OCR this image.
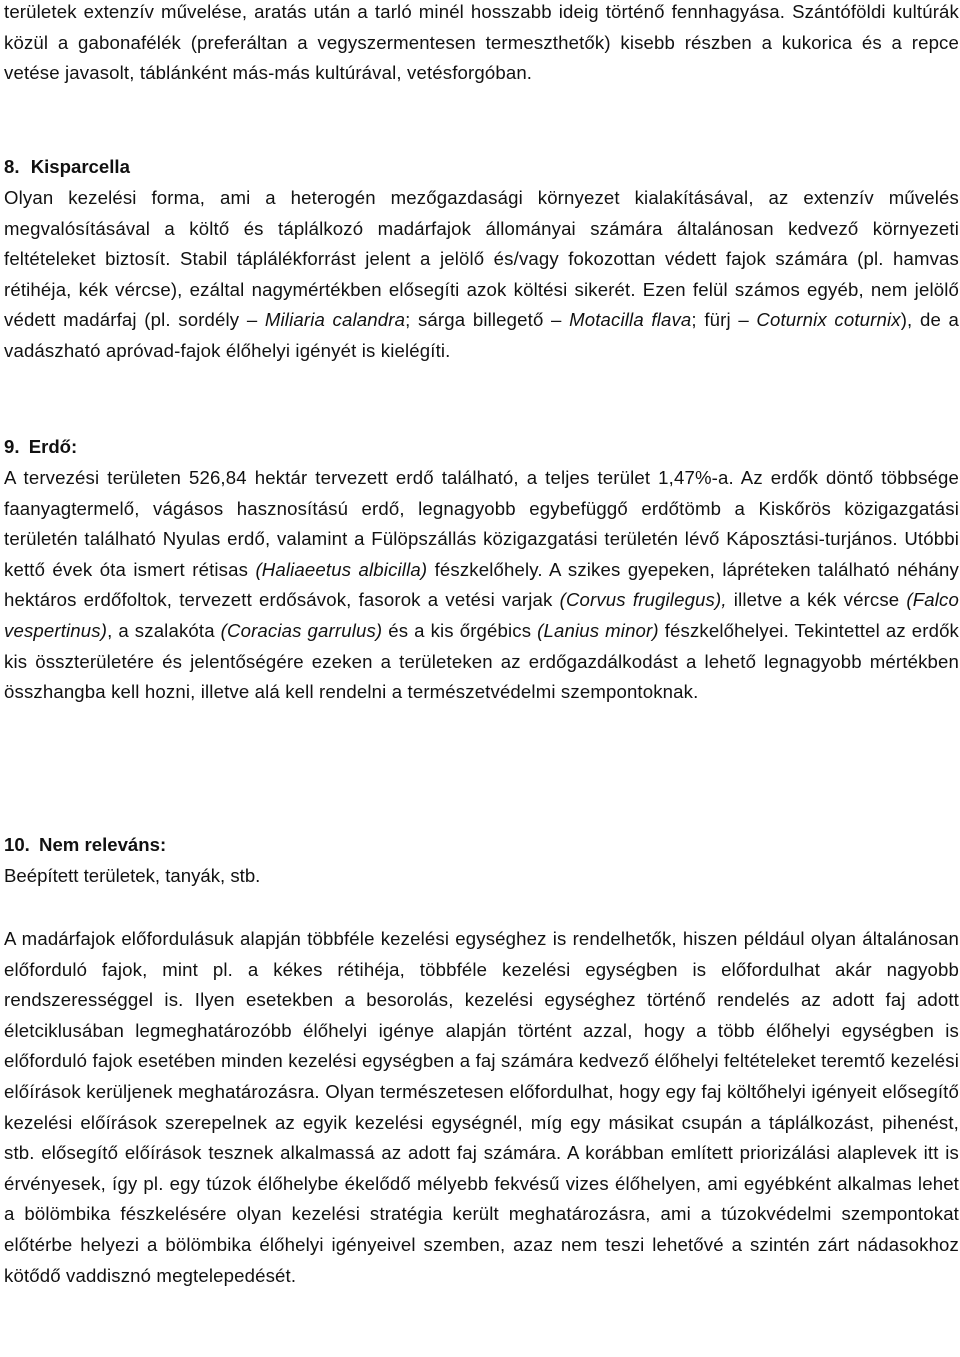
területek extenzív művelése, aratás után a tarló minél hosszabb ideig történő fennhagyása. Szántóföldi kultúrák közül a gabonafélék (preferáltan a vegyszermentesen termeszthetők) kisebb részben a kukorica és a repce vetése javasolt, táblánként más-más kultúrával, vetésforgóban.

8. Kisparcella

Olyan kezelési forma, ami a heterogén mezőgazdasági környezet kialakításával, az extenzív művelés megvalósításával a költő és táplálkozó madárfajok állományai számára általánosan kedvező környezeti feltételeket biztosít. Stabil táplálékforrást jelent a jelölő és/vagy fokozottan védett fajok számára (pl. hamvas rétihéja, kék vércse), ezáltal nagymértékben elősegíti azok költési sikerét. Ezen felül számos egyéb, nem jelölő védett madárfaj (pl. sordély – Miliaria calandra; sárga billegető – Motacilla flava; fürj – Coturnix coturnix), de a vadászható apróvad-fajok élőhelyi igényét is kielégíti.

9. Erdő:

A tervezési területen 526,84 hektár tervezett erdő található, a teljes terület 1,47%-a. Az erdők döntő többsége faanyagtermelő, vágásos hasznosítású erdő, legnagyobb egybefüggő erdőtömb a Kiskőrös közigazgatási területén található Nyulas erdő, valamint a Fülöpszállás közigazgatási területén lévő Káposztási-turjános. Utóbbi kettő évek óta ismert rétisas (Haliaeetus albicilla) fészkelőhely. A szikes gyepeken, lápréteken található néhány hektáros erdőfoltok, tervezett erdősávok, fasorok a vetési varjak (Corvus frugilegus), illetve a kék vércse (Falco vespertinus), a szalakóta (Coracias garrulus) és a kis őrgébics (Lanius minor) fészkelőhelyei. Tekintettel az erdők kis összterületére és jelentőségére ezeken a területeken az erdőgazdálkodást a lehető legnagyobb mértékben összhangba kell hozni, illetve alá kell rendelni a természetvédelmi szempontoknak.

10. Nem releváns:

Beépített területek, tanyák, stb.

A madárfajok előfordulásuk alapján többféle kezelési egységhez is rendelhetők, hiszen például olyan általánosan előforduló fajok, mint pl. a kékes rétihéja, többféle kezelési egységben is előfordulhat akár nagyobb rendszerességgel is. Ilyen esetekben a besorolás, kezelési egységhez történő rendelés az adott faj adott életciklusában legmeghatározóbb élőhelyi igénye alapján történt azzal, hogy a több élőhelyi egységben is előforduló fajok esetében minden kezelési egységben a faj számára kedvező élőhelyi feltételeket teremtő kezelési előírások kerüljenek meghatározásra. Olyan természetesen előfordulhat, hogy egy faj költőhelyi igényeit elősegítő kezelési előírások szerepelnek az egyik kezelési egységnél, míg egy másikat csupán a táplálkozást, pihenést, stb. elősegítő előírások tesznek alkalmassá az adott faj számára. A korábban említett priorizálási alaplevek itt is érvényesek, így pl. egy túzok élőhelybe ékelődő mélyebb fekvésű vizes élőhelyen, ami egyébként alkalmas lehet a bölömbika fészkelésére olyan kezelési stratégia került meghatározásra, ami a túzokvédelmi szempontokat előtérbe helyezi a bölömbika élőhelyi igényeivel szemben, azaz nem teszi lehetővé a szintén zárt nádasokhoz kötődő vaddisznó megtelepedését.
